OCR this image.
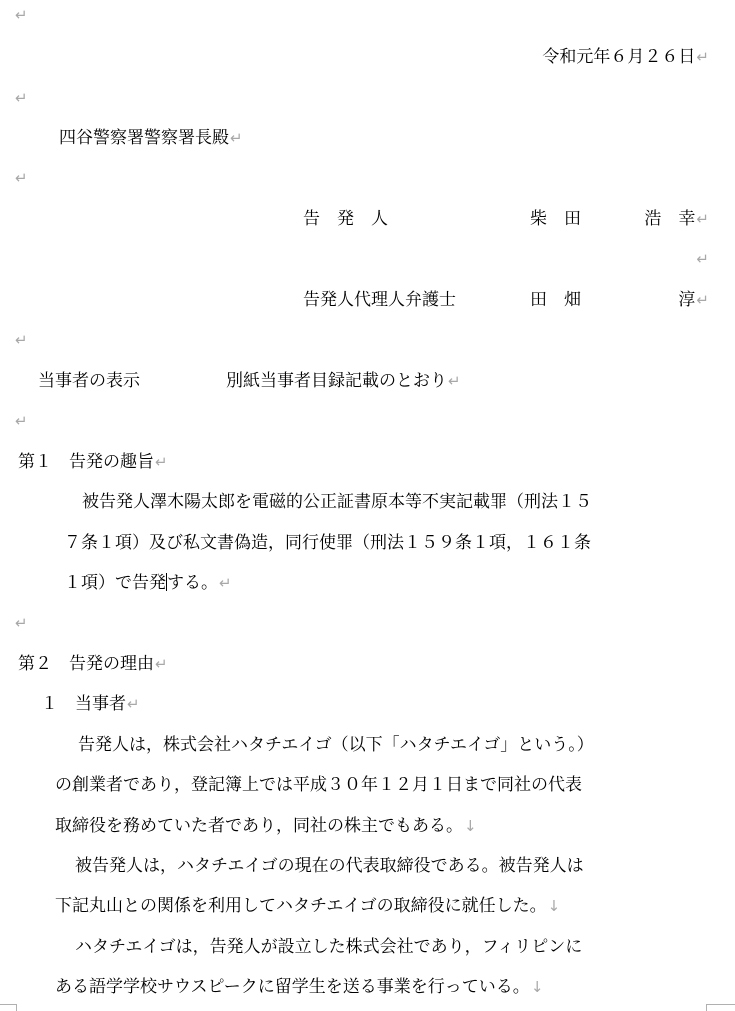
↵
令和元年６月２６日↵
↵
四谷警察署警察署長殿↵
↵
告　発　人	柴　田	浩　幸↵
↵
告発人代理人弁護士	田　畑	淳↵
↵
当事者の表示	別紙当事者目録記載のとおり↵
↵
第１　告発の趣旨↵
被告発人澤木陽太郎を電磁的公正証書原本等不実記載罪（刑法１５
７条１項）及び私文書偽造，同行使罪（刑法１５９条１項，１６１条
１項）で告発する。↵
↵
第２　告発の理由↵
１　当事者↵
告発人は，株式会社ハタチエイゴ（以下「ハタチエイゴ」という。）
の創業者であり，登記簿上では平成３０年１２月１日まで同社の代表
取締役を務めていた者であり，同社の株主でもある。↓
被告発人は，ハタチエイゴの現在の代表取締役である。被告発人は
下記丸山との関係を利用してハタチエイゴの取締役に就任した。↓
ハタチエイゴは，告発人が設立した株式会社であり，フィリピンに
ある語学学校サウスピークに留学生を送る事業を行っている。↓
